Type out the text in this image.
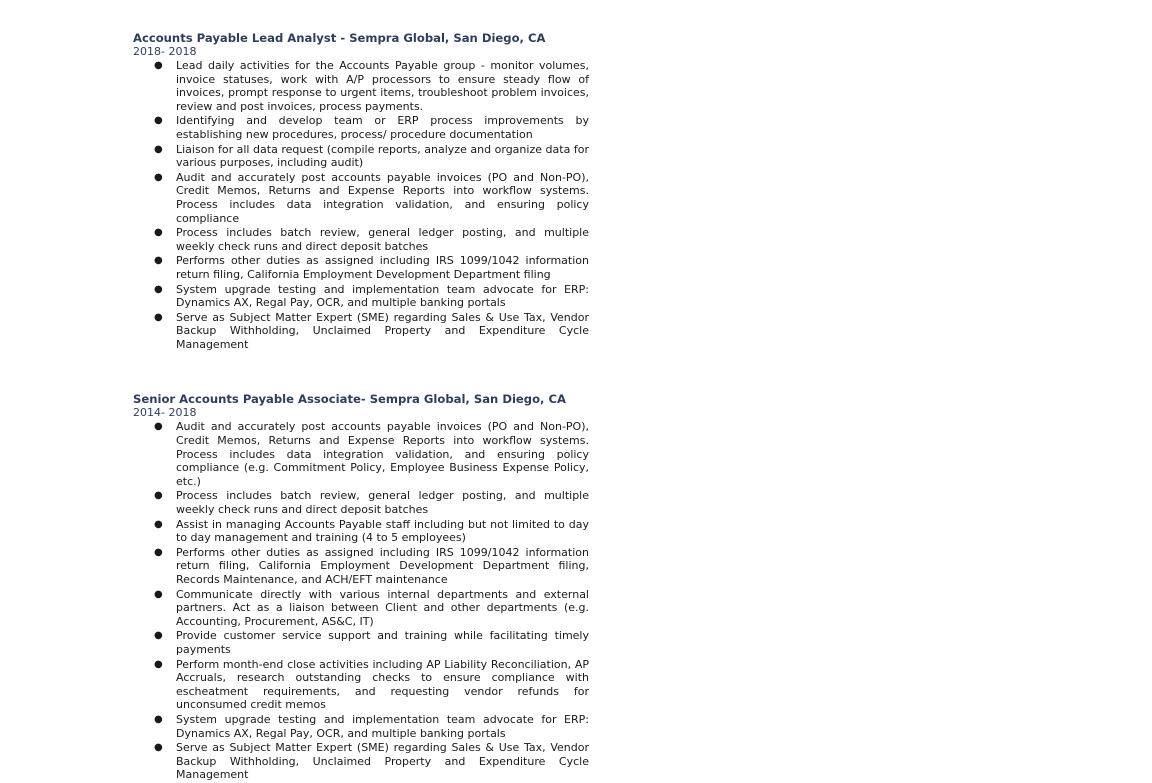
Accounts Payable Lead Analyst - Sempra Global, San Diego, CA

2018- 2018

● Lead daily activities for the Accounts Payable group - monitor volumes, invoice statuses, work with A/P processors to ensure steady flow of invoices, prompt response to urgent items, troubleshoot problem invoices, review and post invoices, process payments.
● Identifying and develop team or ERP process improvements by establishing new procedures, process/ procedure documentation
● Liaison for all data request (compile reports, analyze and organize data for various purposes, including audit)
● Audit and accurately post accounts payable invoices (PO and Non-PO), Credit Memos, Returns and Expense Reports into workflow systems. Process includes data integration validation, and ensuring policy compliance
● Process includes batch review, general ledger posting, and multiple weekly check runs and direct deposit batches
● Performs other duties as assigned including IRS 1099/1042 information return filing, California Employment Development Department filing
● System upgrade testing and implementation team advocate for ERP: Dynamics AX, Regal Pay, OCR, and multiple banking portals
● Serve as Subject Matter Expert (SME) regarding Sales & Use Tax, Vendor Backup Withholding, Unclaimed Property and Expenditure Cycle Management

Senior Accounts Payable Associate- Sempra Global, San Diego, CA

2014- 2018

● Audit and accurately post accounts payable invoices (PO and Non-PO), Credit Memos, Returns and Expense Reports into workflow systems. Process includes data integration validation, and ensuring policy compliance (e.g. Commitment Policy, Employee Business Expense Policy, etc.)
● Process includes batch review, general ledger posting, and multiple weekly check runs and direct deposit batches
● Assist in managing Accounts Payable staff including but not limited to day to day management and training (4 to 5 employees)
● Performs other duties as assigned including IRS 1099/1042 information return filing, California Employment Development Department filing, Records Maintenance, and ACH/EFT maintenance
● Communicate directly with various internal departments and external partners. Act as a liaison between Client and other departments (e.g. Accounting, Procurement, AS&C, IT)
● Provide customer service support and training while facilitating timely payments
● Perform month-end close activities including AP Liability Reconciliation, AP Accruals, research outstanding checks to ensure compliance with escheatment requirements, and requesting vendor refunds for unconsumed credit memos
● System upgrade testing and implementation team advocate for ERP: Dynamics AX, Regal Pay, OCR, and multiple banking portals
● Serve as Subject Matter Expert (SME) regarding Sales & Use Tax, Vendor Backup Withholding, Unclaimed Property and Expenditure Cycle Management
